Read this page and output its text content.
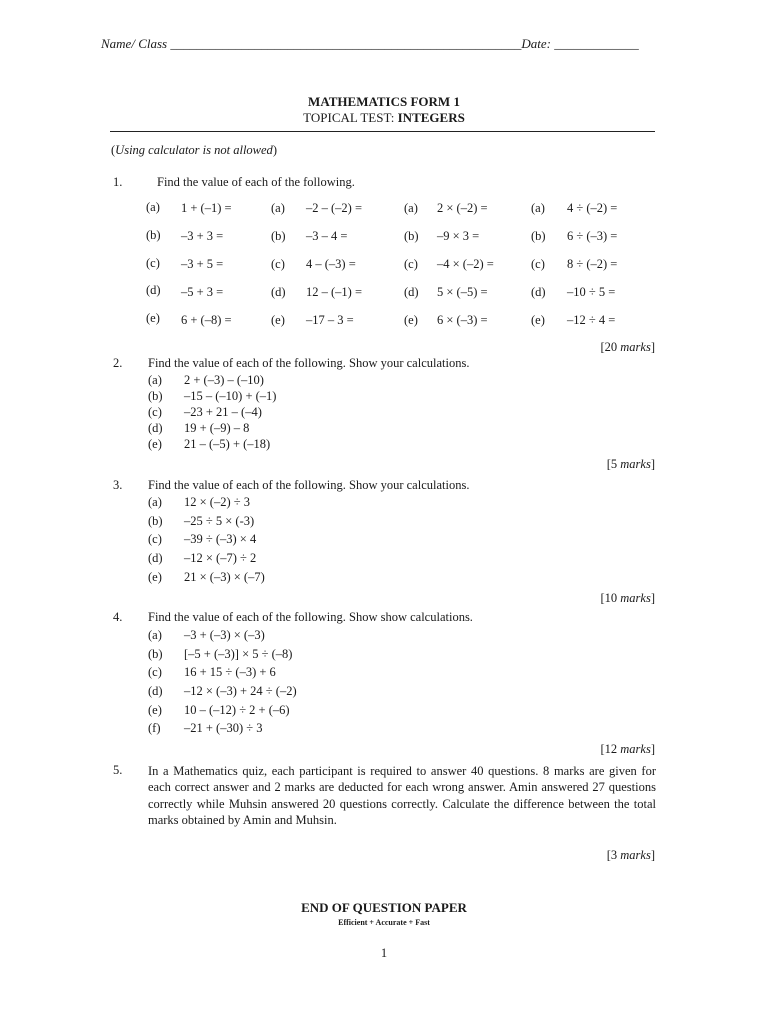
Name/ Class ______________________________________________________Date: _____________
MATHEMATICS FORM 1
TOPICAL TEST: INTEGERS
(Using calculator is not allowed)
1.	Find the value of each of the following.
(a) 1 + (–1) =
(b) –3 + 3 =
(c) –3 + 5 =
(d) –5 + 3 =
(e) 6 + (–8) =
(a) –2 – (–2) =
(b) –3 – 4 =
(c) 4 – (–3) =
(d) 12 – (–1) =
(e) –17 – 3 =
(a) 2 × (–2) =
(b) –9 × 3 =
(c) –4 × (–2) =
(d) 5 × (–5) =
(e) 6 × (–3) =
(a) 4 ÷ (–2) =
(b) 6 ÷ (–3) =
(c) 8 ÷ (–2) =
(d) –10 ÷ 5 =
(e) –12 ÷ 4 =
[20 marks]
2. Find the value of each of the following. Show your calculations.
(a) 2 + (–3) – (–10)
(b) –15 – (–10) + (–1)
(c) –23 + 21 – (–4)
(d) 19 + (–9) – 8
(e) 21 – (–5) + (–18)
[5 marks]
3. Find the value of each of the following. Show your calculations.
(a) 12 × (–2) ÷ 3
(b) –25 ÷ 5 × (-3)
(c) –39 ÷ (–3) × 4
(d) –12 × (–7) ÷ 2
(e) 21 × (–3) × (–7)
[10 marks]
4. Find the value of each of the following. Show show calculations.
(a) –3 + (–3) × (–3)
(b) [–5 + (–3)] × 5 ÷ (–8)
(c) 16 + 15 ÷ (–3) + 6
(d) –12 × (–3) + 24 ÷ (–2)
(e) 10 – (–12) ÷ 2 + (–6)
(f) –21 + (–30) ÷ 3
[12 marks]
5. In a Mathematics quiz, each participant is required to answer 40 questions. 8 marks are given for each correct answer and 2 marks are deducted for each wrong answer. Amin answered 27 questions correctly while Muhsin answered 20 questions correctly. Calculate the difference between the total marks obtained by Amin and Muhsin.
[3 marks]
END OF QUESTION PAPER
Efficient + Accurate + Fast
1
